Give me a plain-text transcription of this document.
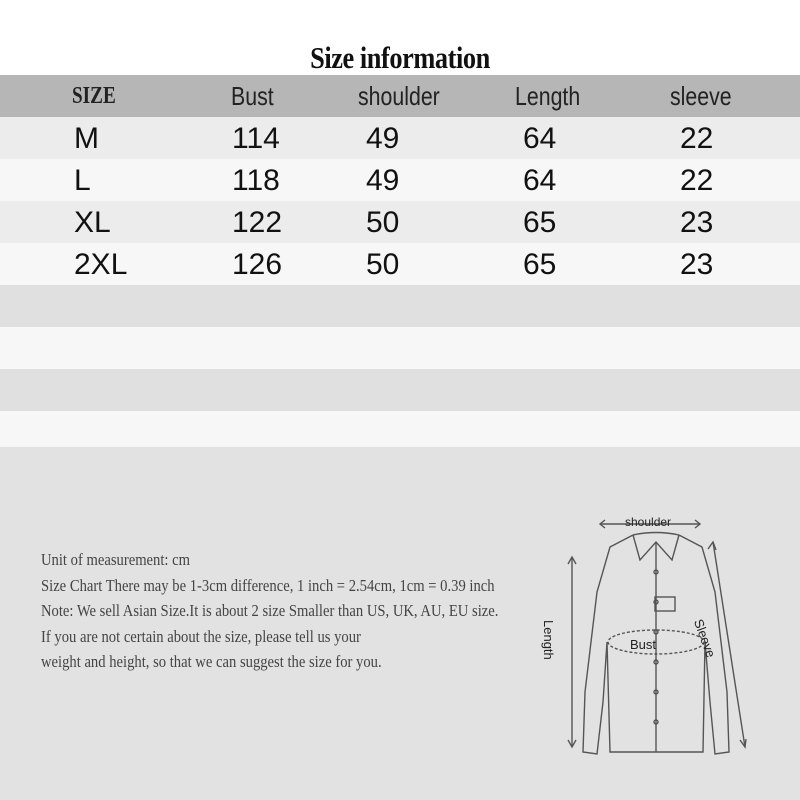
Size information
SIZE	Bust	shoulder	Length	sleeve
M	114	49	64	22
L	118	49	64	22
XL	122	50	65	23
2XL	126	50	65	23
Unit of measurement: cm
Size Chart There may be 1-3cm difference, 1 inch = 2.54cm, 1cm = 0.39 inch
Note: We sell Asian Size.It is about 2 size Smaller than US, UK, AU, EU size.
If you are not certain about the size, please tell us your
weight and height, so that we can suggest the size for you.
shoulder
Bust
Length	Sleeve
